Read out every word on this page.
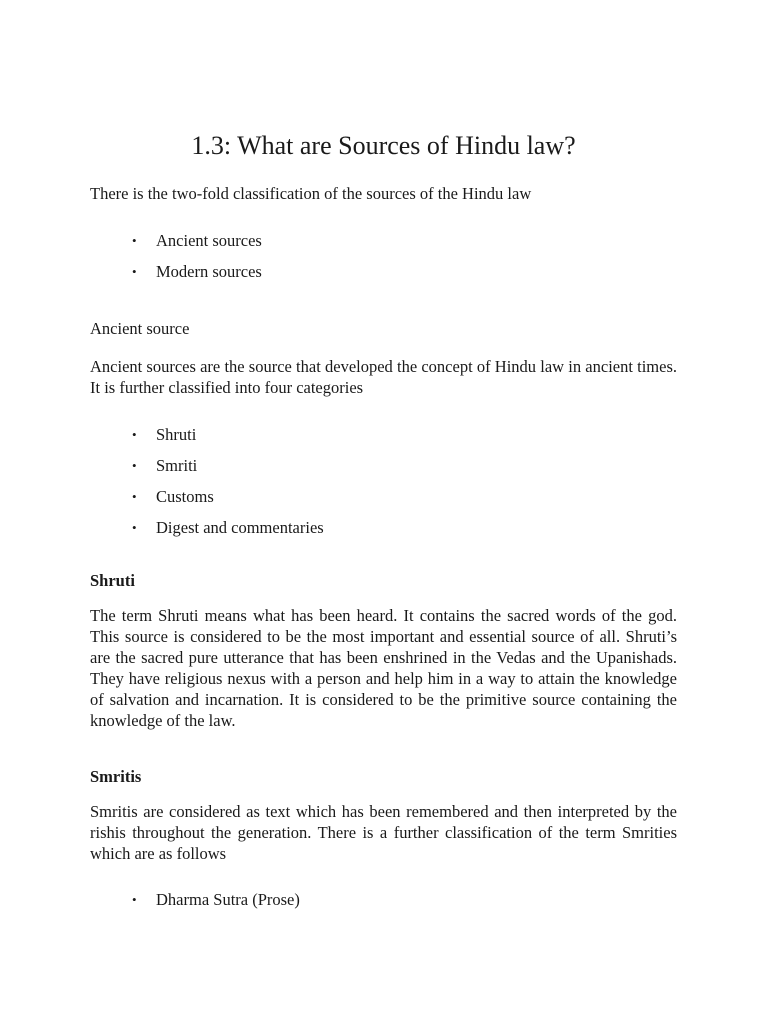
1.3: What are Sources of Hindu law?

There is the two-fold classification of the sources of the Hindu law

• Ancient sources
• Modern sources

Ancient source

Ancient sources are the source that developed the concept of Hindu law in ancient times. It is further classified into four categories

• Shruti
• Smriti
• Customs
• Digest and commentaries

Shruti

The term Shruti means what has been heard. It contains the sacred words of the god. This source is considered to be the most important and essential source of all. Shruti’s are the sacred pure utterance that has been enshrined in the Vedas and the Upanishads. They have religious nexus with a person and help him in a way to attain the knowledge of salvation and incarnation. It is considered to be the primitive source containing the knowledge of the law.

Smritis

Smritis are considered as text which has been remembered and then interpreted by the rishis throughout the generation. There is a further classification of the term Smrities which are as follows

• Dharma Sutra (Prose)
